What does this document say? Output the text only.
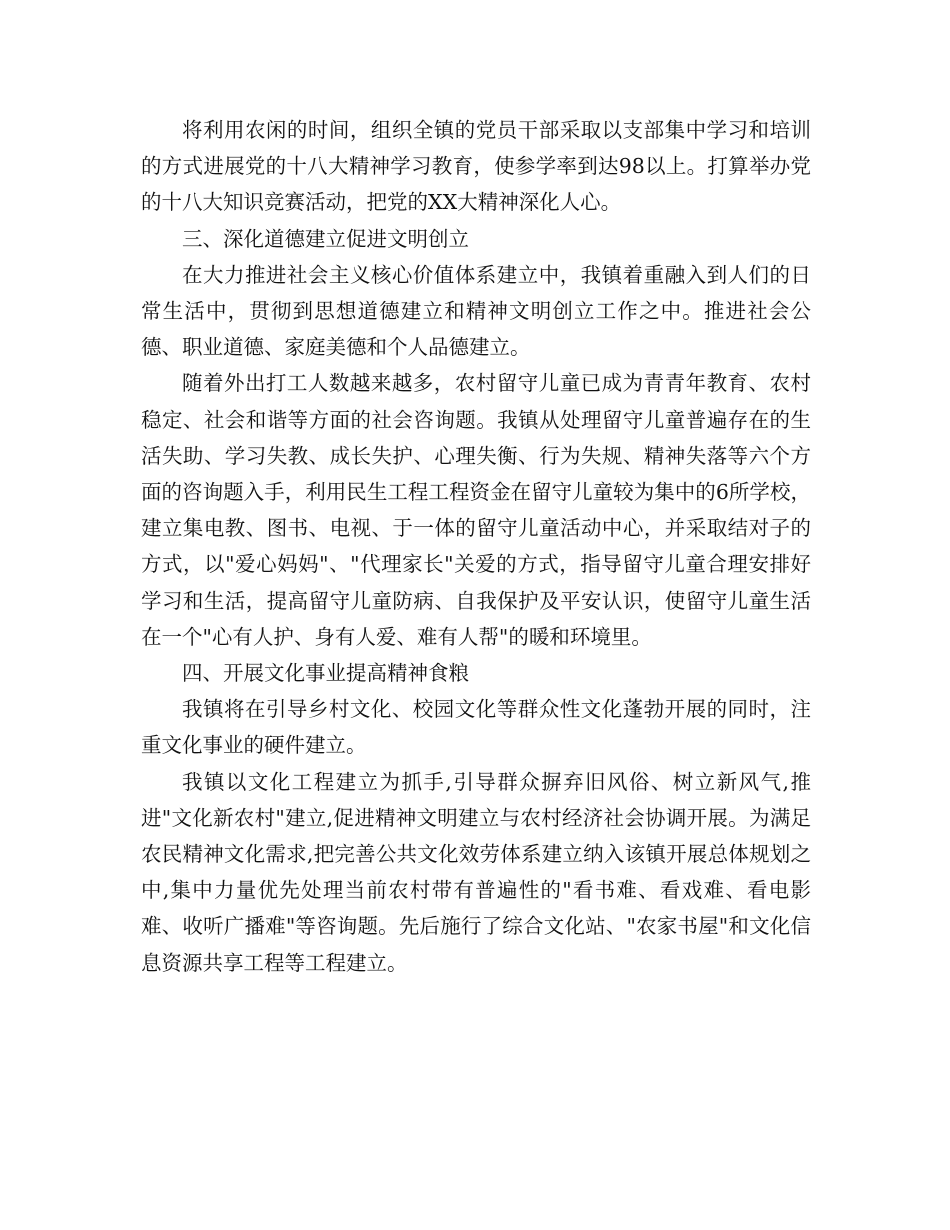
将利用农闲的时间，组织全镇的党员干部采取以支部集中学习和培训的方式进展党的十八大精神学习教育，使参学率到达98以上。打算举办党的十八大知识竞赛活动，把党的XX大精神深化人心。

三、深化道德建立促进文明创立

在大力推进社会主义核心价值体系建立中，我镇着重融入到人们的日常生活中，贯彻到思想道德建立和精神文明创立工作之中。推进社会公德、职业道德、家庭美德和个人品德建立。

随着外出打工人数越来越多，农村留守儿童已成为青青年教育、农村稳定、社会和谐等方面的社会咨询题。我镇从处理留守儿童普遍存在的生活失助、学习失教、成长失护、心理失衡、行为失规、精神失落等六个方面的咨询题入手，利用民生工程工程资金在留守儿童较为集中的6所学校，建立集电教、图书、电视、于一体的留守儿童活动中心，并采取结对子的方式，以"爱心妈妈"、"代理家长"关爱的方式，指导留守儿童合理安排好学习和生活，提高留守儿童防病、自我保护及平安认识，使留守儿童生活在一个"心有人护、身有人爱、难有人帮"的暖和环境里。

四、开展文化事业提高精神食粮

我镇将在引导乡村文化、校园文化等群众性文化蓬勃开展的同时，注重文化事业的硬件建立。

我镇以文化工程建立为抓手,引导群众摒弃旧风俗、树立新风气,推进"文化新农村"建立,促进精神文明建立与农村经济社会协调开展。为满足农民精神文化需求,把完善公共文化效劳体系建立纳入该镇开展总体规划之中,集中力量优先处理当前农村带有普遍性的"看书难、看戏难、看电影难、收听广播难"等咨询题。先后施行了综合文化站、"农家书屋"和文化信息资源共享工程等工程建立。
